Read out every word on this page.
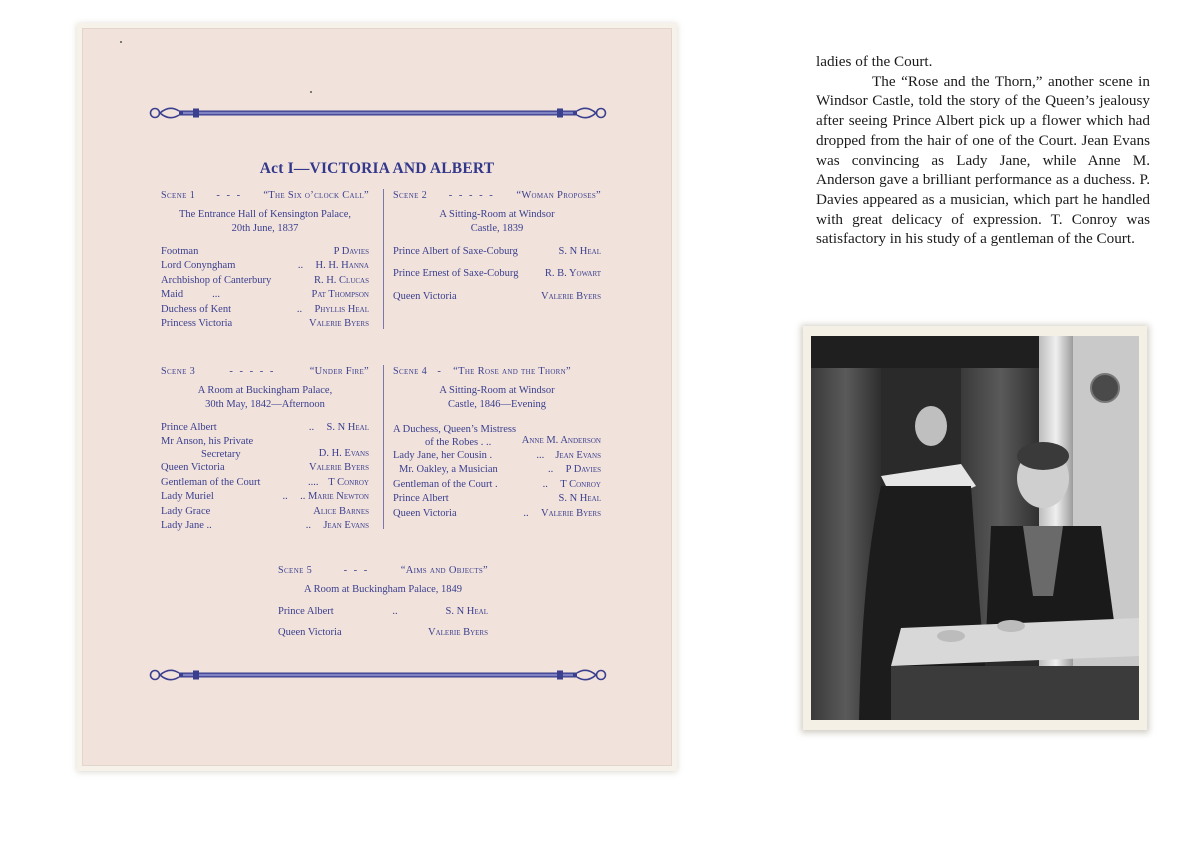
Act I—VICTORIA AND ALBERT
Scene 1	- - -	“The Six o’clock Call”
The Entrance Hall of Kensington Palace,
20th June, 1837
Footman	P Davies
Lord Conyngham	..	H. H. Hanna
Archbishop of Canterbury	R. H. Clucas
Maid	...	Pat Thompson
Duchess of Kent	..	Phyllis Heal
Princess Victoria	Valerie Byers
Scene 2	- - - - -	“Woman Proposes”
A Sitting-Room at Windsor
Castle, 1839
Prince Albert of Saxe-Coburg	S. N Heal
Prince Ernest of Saxe-Coburg	R. B. Yowart
Queen Victoria	Valerie Byers
Scene 3	- - - - -	“Under Fire”
A Room at Buckingham Palace,
30th May, 1842—Afternoon
Prince Albert	..	S. N Heal
Mr Anson, his Private
Secretary	D. H. Evans
Queen Victoria	Valerie Byers
Gentleman of the Court	.... T Conroy
Lady Muriel	..	.. Marie Newton
Lady Grace	Alice Barnes
Lady Jane ..	..	Jean Evans
Scene 4 - “The Rose and the Thorn”
A Sitting-Room at Windsor
Castle, 1846—Evening
A Duchess, Queen’s Mistress
of the Robes . ..	Anne M. Anderson
Lady Jane, her Cousin .	...	Jean Evans
Mr. Oakley, a Musician	..	P Davies
Gentleman of the Court .	..	T Conroy
Prince Albert	S. N Heal
Queen Victoria	..	Valerie Byers
Scene 5	- - -	“Aims and Objects”
A Room at Buckingham Palace, 1849
Prince Albert	..	S. N Heal
Queen Victoria	Valerie Byers

ladies of the Court.

The “Rose and the Thorn,” another scene in Windsor Castle, told the story of the Queen’s jealousy after seeing Prince Albert pick up a flower which had dropped from the hair of one of the Court. Jean Evans was convincing as Lady Jane, while Anne M. Anderson gave a brilliant performance as a duchess. P. Davies appeared as a musician, which part he handled with great delicacy of expression. T. Conroy was satisfactory in his study of a gentleman of the Court.
